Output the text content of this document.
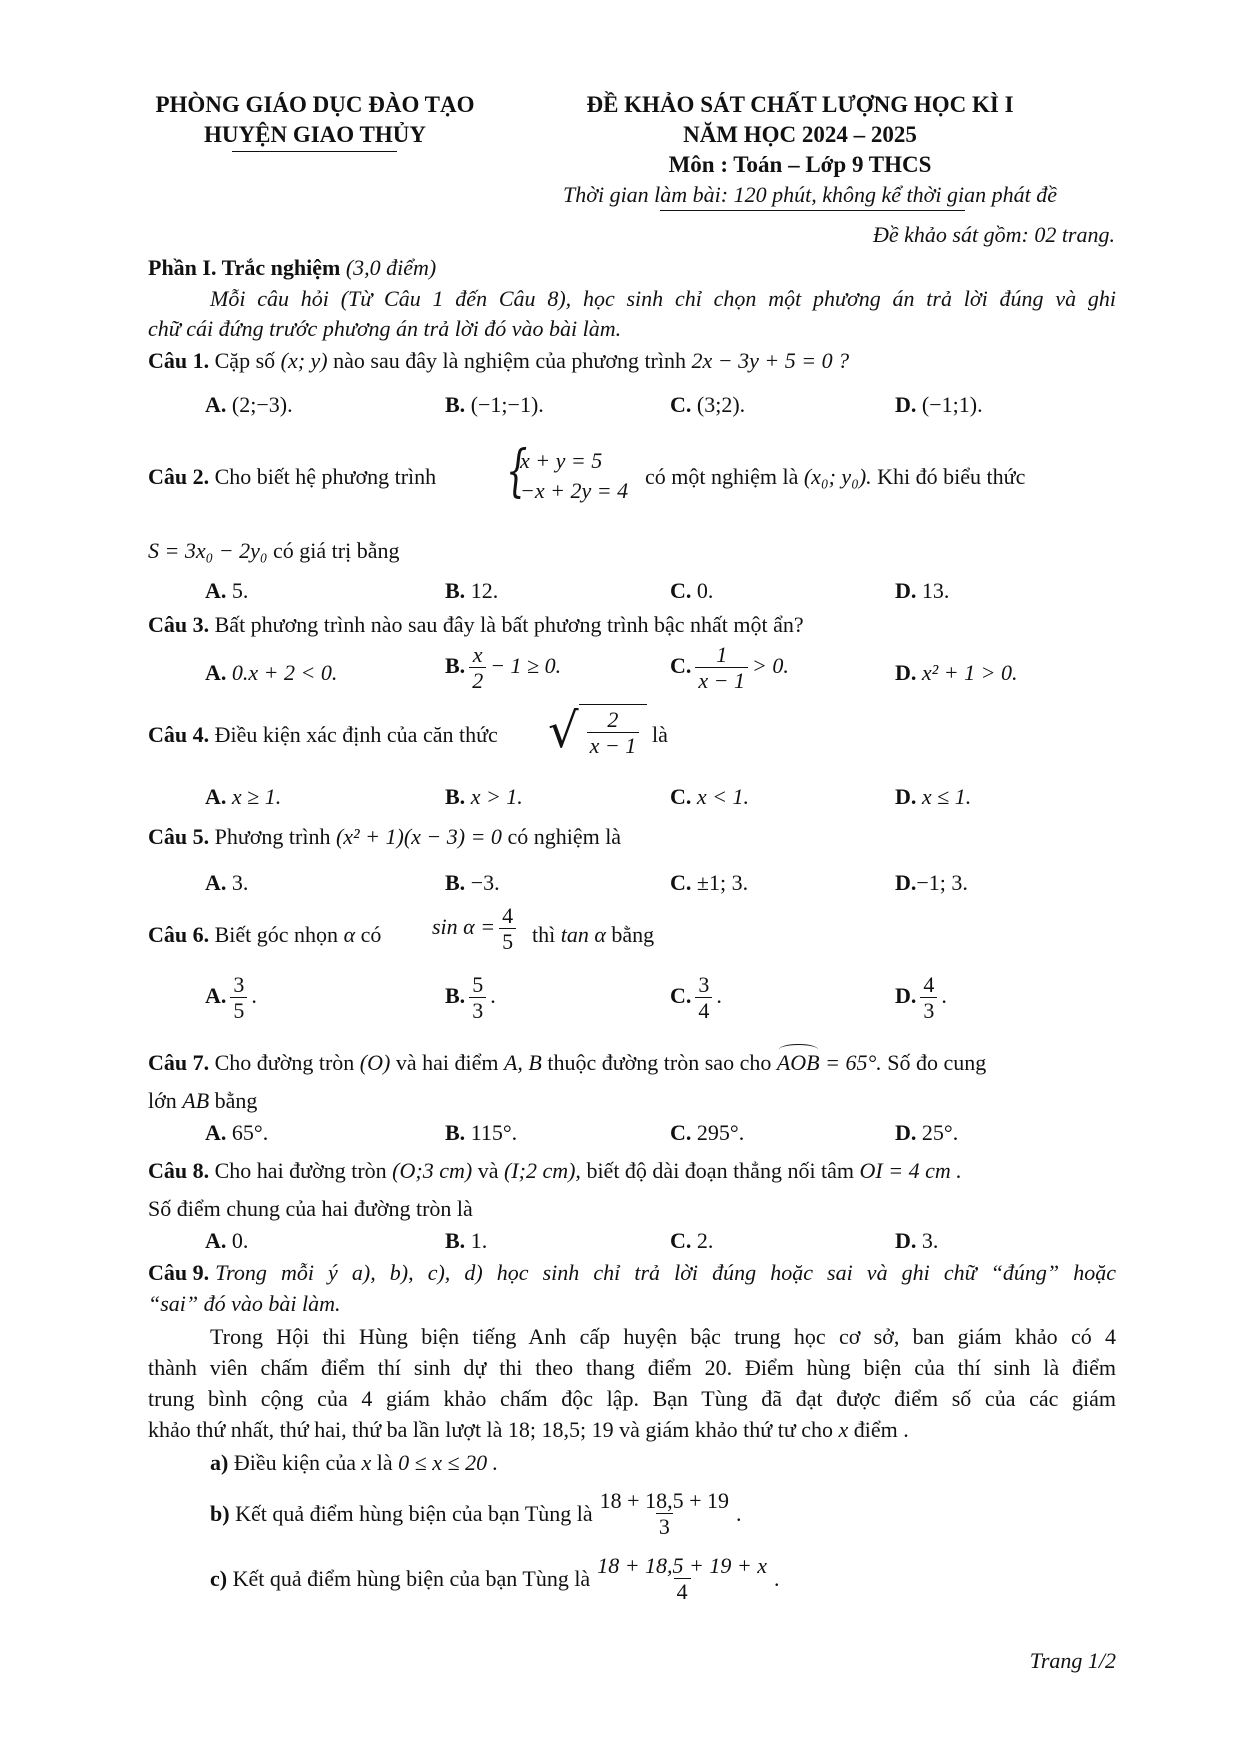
PHÒNG GIÁO DỤC ĐÀO TẠO
HUYỆN GIAO THỦY
ĐỀ KHẢO SÁT CHẤT LƯỢNG HỌC KÌ I
NĂM HỌC 2024 – 2025
Môn : Toán – Lớp 9 THCS
Thời gian làm bài: 120 phút, không kể thời gian phát đề
Đề khảo sát gồm: 02 trang.
Phần I. Trắc nghiệm (3,0 điểm)
Mỗi câu hỏi (Từ Câu 1 đến Câu 8), học sinh chỉ chọn một phương án trả lời đúng và ghi
chữ cái đứng trước phương án trả lời đó vào bài làm.
Câu 1. Cặp số (x; y) nào sau đây là nghiệm của phương trình 2x − 3y + 5 = 0 ?
A. (2;−3).	B. (−1;−1).	C. (3;2).	D. (−1;1).
Câu 2. Cho biết hệ phương trình {
x + y = 5
−x + 2y = 4
có một nghiệm là (x₀; y₀). Khi đó biểu thức
S = 3x₀ − 2y₀ có giá trị bằng
A. 5.	B. 12.	C. 0.	D. 13.
Câu 3. Bất phương trình nào sau đây là bất phương trình bậc nhất một ẩn?
A. 0.x + 2 < 0.	B. $\frac{x}{2} - 1 \ge 0$.	C. $\frac{1}{x - 1} > 0$.	D. x² + 1 > 0.
Câu 4. Điều kiện xác định của căn thức √ $\frac{2}{x - 1}$ là
A. x ≥ 1.	B. x > 1.	C. x < 1.	D. x ≤ 1.
Câu 5. Phương trình (x² + 1)(x − 3) = 0 có nghiệm là
A. 3.	B. −3.	C. ±1; 3.	D.−1; 3.
Câu 6. Biết góc nhọn α có $\sin \alpha = \frac{4}{5}$ thì tan α bằng
A. $\frac{3}{5}$ .	B. $\frac{5}{3}$ .	C. $\frac{3}{4}$ .	D. $\frac{4}{3}$ .
Câu 7. Cho đường tròn (O) và hai điểm A, B thuộc đường tròn sao cho AOB = 65°. Số đo cung
lớn AB bằng
A. 65°.	B. 115°.	C. 295°.	D. 25°.
Câu 8. Cho hai đường tròn (O;3 cm) và (I;2 cm), biết độ dài đoạn thẳng nối tâm OI = 4 cm .
Số điểm chung của hai đường tròn là
A. 0.	B. 1.	C. 2.	D. 3.
Câu 9. Trong mỗi ý a), b), c), d) học sinh chỉ trả lời đúng hoặc sai và ghi chữ “đúng” hoặc
“sai” đó vào bài làm.
Trong Hội thi Hùng biện tiếng Anh cấp huyện bậc trung học cơ sở, ban giám khảo có 4
thành viên chấm điểm thí sinh dự thi theo thang điểm 20. Điểm hùng biện của thí sinh là điểm
trung bình cộng của 4 giám khảo chấm độc lập. Bạn Tùng đã đạt được điểm số của các giám
khảo thứ nhất, thứ hai, thứ ba lần lượt là 18; 18,5; 19 và giám khảo thứ tư cho x điểm .
a) Điều kiện của x là 0 ≤ x ≤ 20 .
b)
Kết quả điểm hùng biện của bạn Tùng là $\frac{18 + 18,5 + 19}{3}$ .
c)
Kết quả điểm hùng biện của bạn Tùng là $\frac{18 + 18,5 + 19 + x}{4}$ .
Trang 1/2
